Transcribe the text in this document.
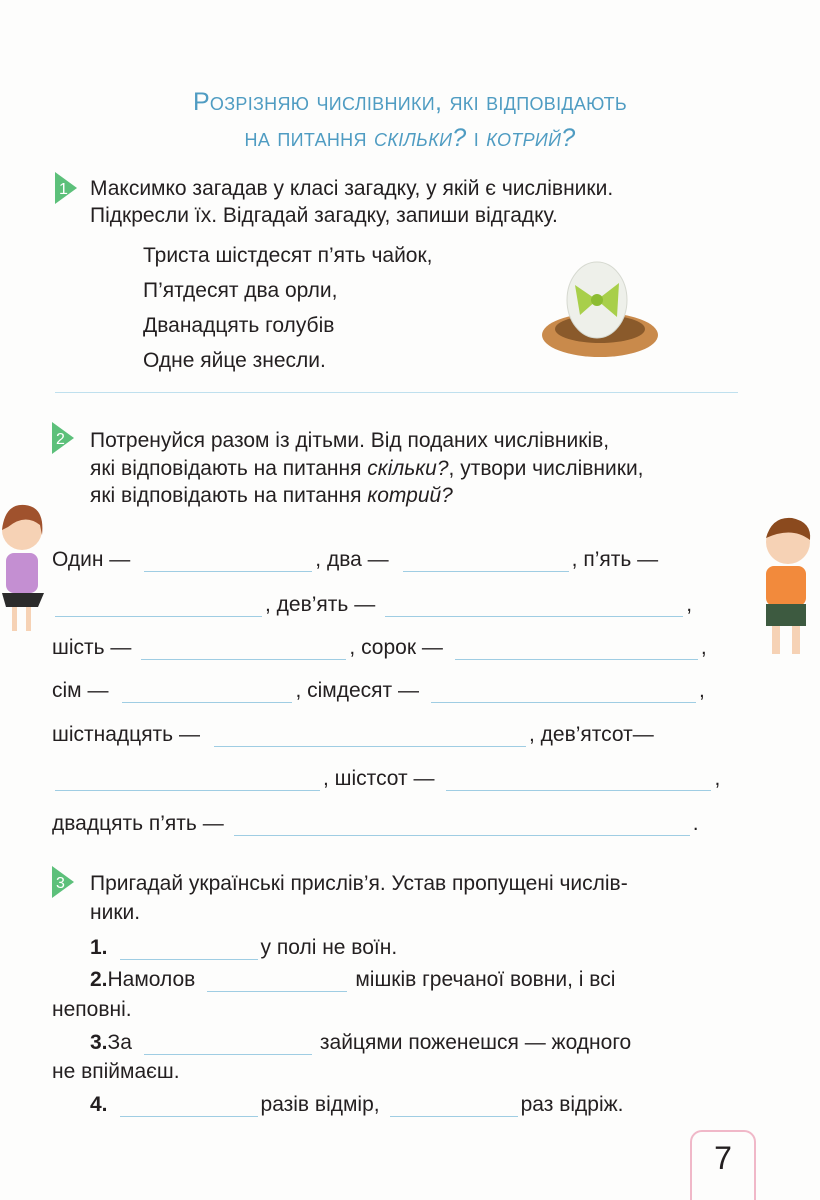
Розрізняю числівники, які відповідають
на питання скільки? і котрий?
1 Максимко загадав у класі загадку, у якій є числівники.
Підкресли їх. Відгадай загадку, запиши відгадку.
Триста шістдесят п’ять чайок,
П’ятдесят два орли,
Дванадцять голубів
Одне яйце знесли.
2 Потренуйся разом із дітьми. Від поданих числівників,
які відповідають на питання скільки?, утвори числівники,
які відповідають на питання котрий?
Один —	, два —	, п’ять —
, дев’ять —	,
шість —	, сорок —	,
сім —	, сімдесят —	,
шістнадцять —	, дев’ятсот—
, шістсот —	,
двадцять п’ять —	.
3 Пригадай українські прислів’я. Устав пропущені числів-
ники.
1.	у полі не воїн.
2. Намолов	мішків гречаної вовни, і всі
неповні.
3. За	зайцями поженешся — жодного
не впіймаєш.
4.	разів відмір,	раз відріж.
7
